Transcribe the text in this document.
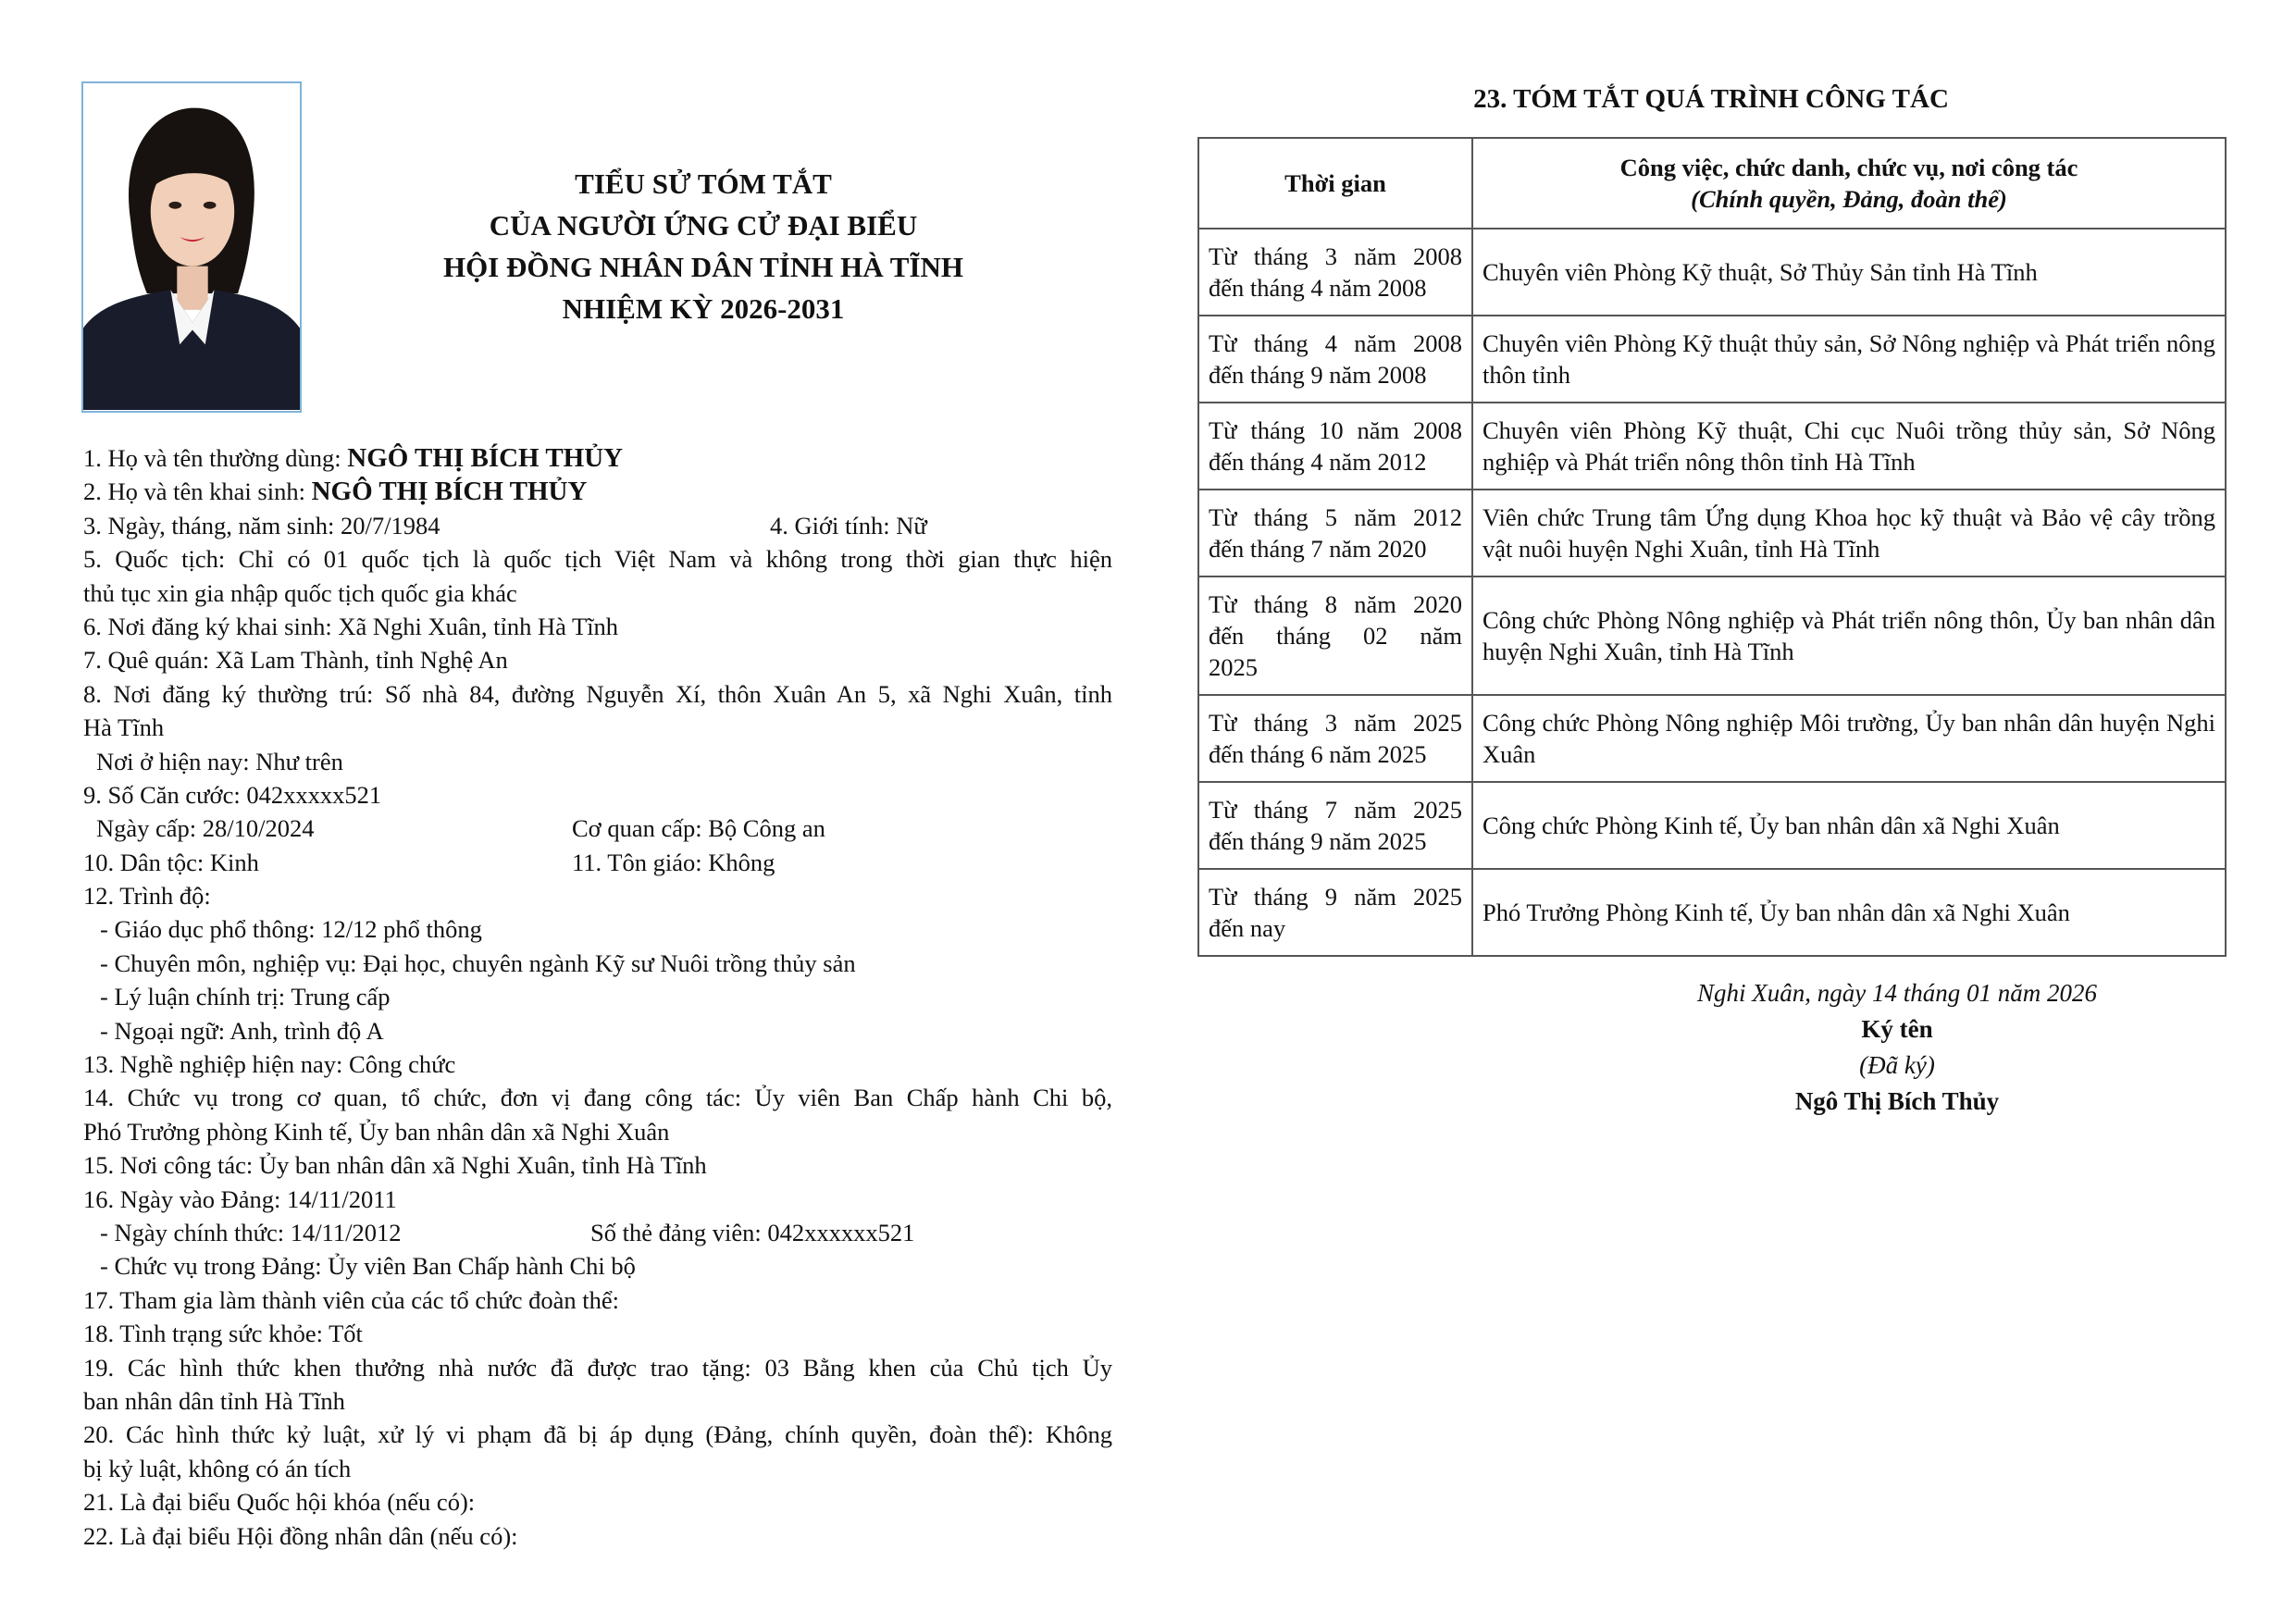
TIỂU SỬ TÓM TẮT
CỦA NGƯỜI ỨNG CỬ ĐẠI BIỂU
HỘI ĐỒNG NHÂN DÂN TỈNH HÀ TĨNH
NHIỆM KỲ 2026-2031
1. Họ và tên thường dùng: NGÔ THỊ BÍCH THỦY
2. Họ và tên khai sinh: NGÔ THỊ BÍCH THỦY
3. Ngày, tháng, năm sinh: 20/7/1984	4. Giới tính: Nữ
5. Quốc tịch: Chỉ có 01 quốc tịch là quốc tịch Việt Nam và không trong thời gian thực hiện
thủ tục xin gia nhập quốc tịch quốc gia khác
6. Nơi đăng ký khai sinh: Xã Nghi Xuân, tỉnh Hà Tĩnh
7. Quê quán: Xã Lam Thành, tỉnh Nghệ An
8. Nơi đăng ký thường trú: Số nhà 84, đường Nguyễn Xí, thôn Xuân An 5, xã Nghi Xuân, tỉnh
Hà Tĩnh
Nơi ở hiện nay: Như trên
9. Số Căn cước: 042xxxxx521
Ngày cấp: 28/10/2024	Cơ quan cấp: Bộ Công an
10. Dân tộc: Kinh	11. Tôn giáo: Không
12. Trình độ:
- Giáo dục phổ thông: 12/12 phổ thông
- Chuyên môn, nghiệp vụ: Đại học, chuyên ngành Kỹ sư Nuôi trồng thủy sản
- Lý luận chính trị: Trung cấp
- Ngoại ngữ: Anh, trình độ A
13. Nghề nghiệp hiện nay: Công chức
14. Chức vụ trong cơ quan, tổ chức, đơn vị đang công tác: Ủy viên Ban Chấp hành Chi bộ,
Phó Trưởng phòng Kinh tế, Ủy ban nhân dân xã Nghi Xuân
15. Nơi công tác: Ủy ban nhân dân xã Nghi Xuân, tỉnh Hà Tĩnh
16. Ngày vào Đảng: 14/11/2011
- Ngày chính thức: 14/11/2012	Số thẻ đảng viên: 042xxxxxx521
- Chức vụ trong Đảng: Ủy viên Ban Chấp hành Chi bộ
17. Tham gia làm thành viên của các tổ chức đoàn thể:
18. Tình trạng sức khỏe: Tốt
19. Các hình thức khen thưởng nhà nước đã được trao tặng: 03 Bằng khen của Chủ tịch Ủy
ban nhân dân tỉnh Hà Tĩnh
20. Các hình thức kỷ luật, xử lý vi phạm đã bị áp dụng (Đảng, chính quyền, đoàn thể): Không
bị kỷ luật, không có án tích
21. Là đại biểu Quốc hội khóa (nếu có):
22. Là đại biểu Hội đồng nhân dân (nếu có):
23. TÓM TẮT QUÁ TRÌNH CÔNG TÁC
Thời gian	Công việc, chức danh, chức vụ, nơi công tác
(Chính quyền, Đảng, đoàn thể)

Từ tháng 3 năm 2008
đến tháng 4 năm 2008	Chuyên viên Phòng Kỹ thuật, Sở Thủy Sản tỉnh Hà Tĩnh

Từ tháng 4 năm 2008
đến tháng 9 năm 2008	Chuyên viên Phòng Kỹ thuật thủy sản, Sở Nông nghiệp và Phát triển nông thôn tỉnh

Từ tháng 10 năm 2008
đến tháng 4 năm 2012	Chuyên viên Phòng Kỹ thuật, Chi cục Nuôi trồng thủy sản, Sở Nông nghiệp và Phát triển nông thôn tỉnh Hà Tĩnh

Từ tháng 5 năm 2012
đến tháng 7 năm 2020	Viên chức Trung tâm Ứng dụng Khoa học kỹ thuật và Bảo vệ cây trồng vật nuôi huyện Nghi Xuân, tỉnh Hà Tĩnh

Từ tháng 8 năm 2020
đến tháng 02 năm
2025	Công chức Phòng Nông nghiệp và Phát triển nông thôn, Ủy ban nhân dân huyện Nghi Xuân, tỉnh Hà Tĩnh

Từ tháng 3 năm 2025
đến tháng 6 năm 2025	Công chức Phòng Nông nghiệp Môi trường, Ủy ban nhân dân huyện Nghi Xuân

Từ tháng 7 năm 2025
đến tháng 9 năm 2025	Công chức Phòng Kinh tế, Ủy ban nhân dân xã Nghi Xuân

Từ tháng 9 năm 2025
đến nay	Phó Trưởng Phòng Kinh tế, Ủy ban nhân dân xã Nghi Xuân
Nghi Xuân, ngày 14 tháng 01 năm 2026
Ký tên
(Đã ký)
Ngô Thị Bích Thủy
